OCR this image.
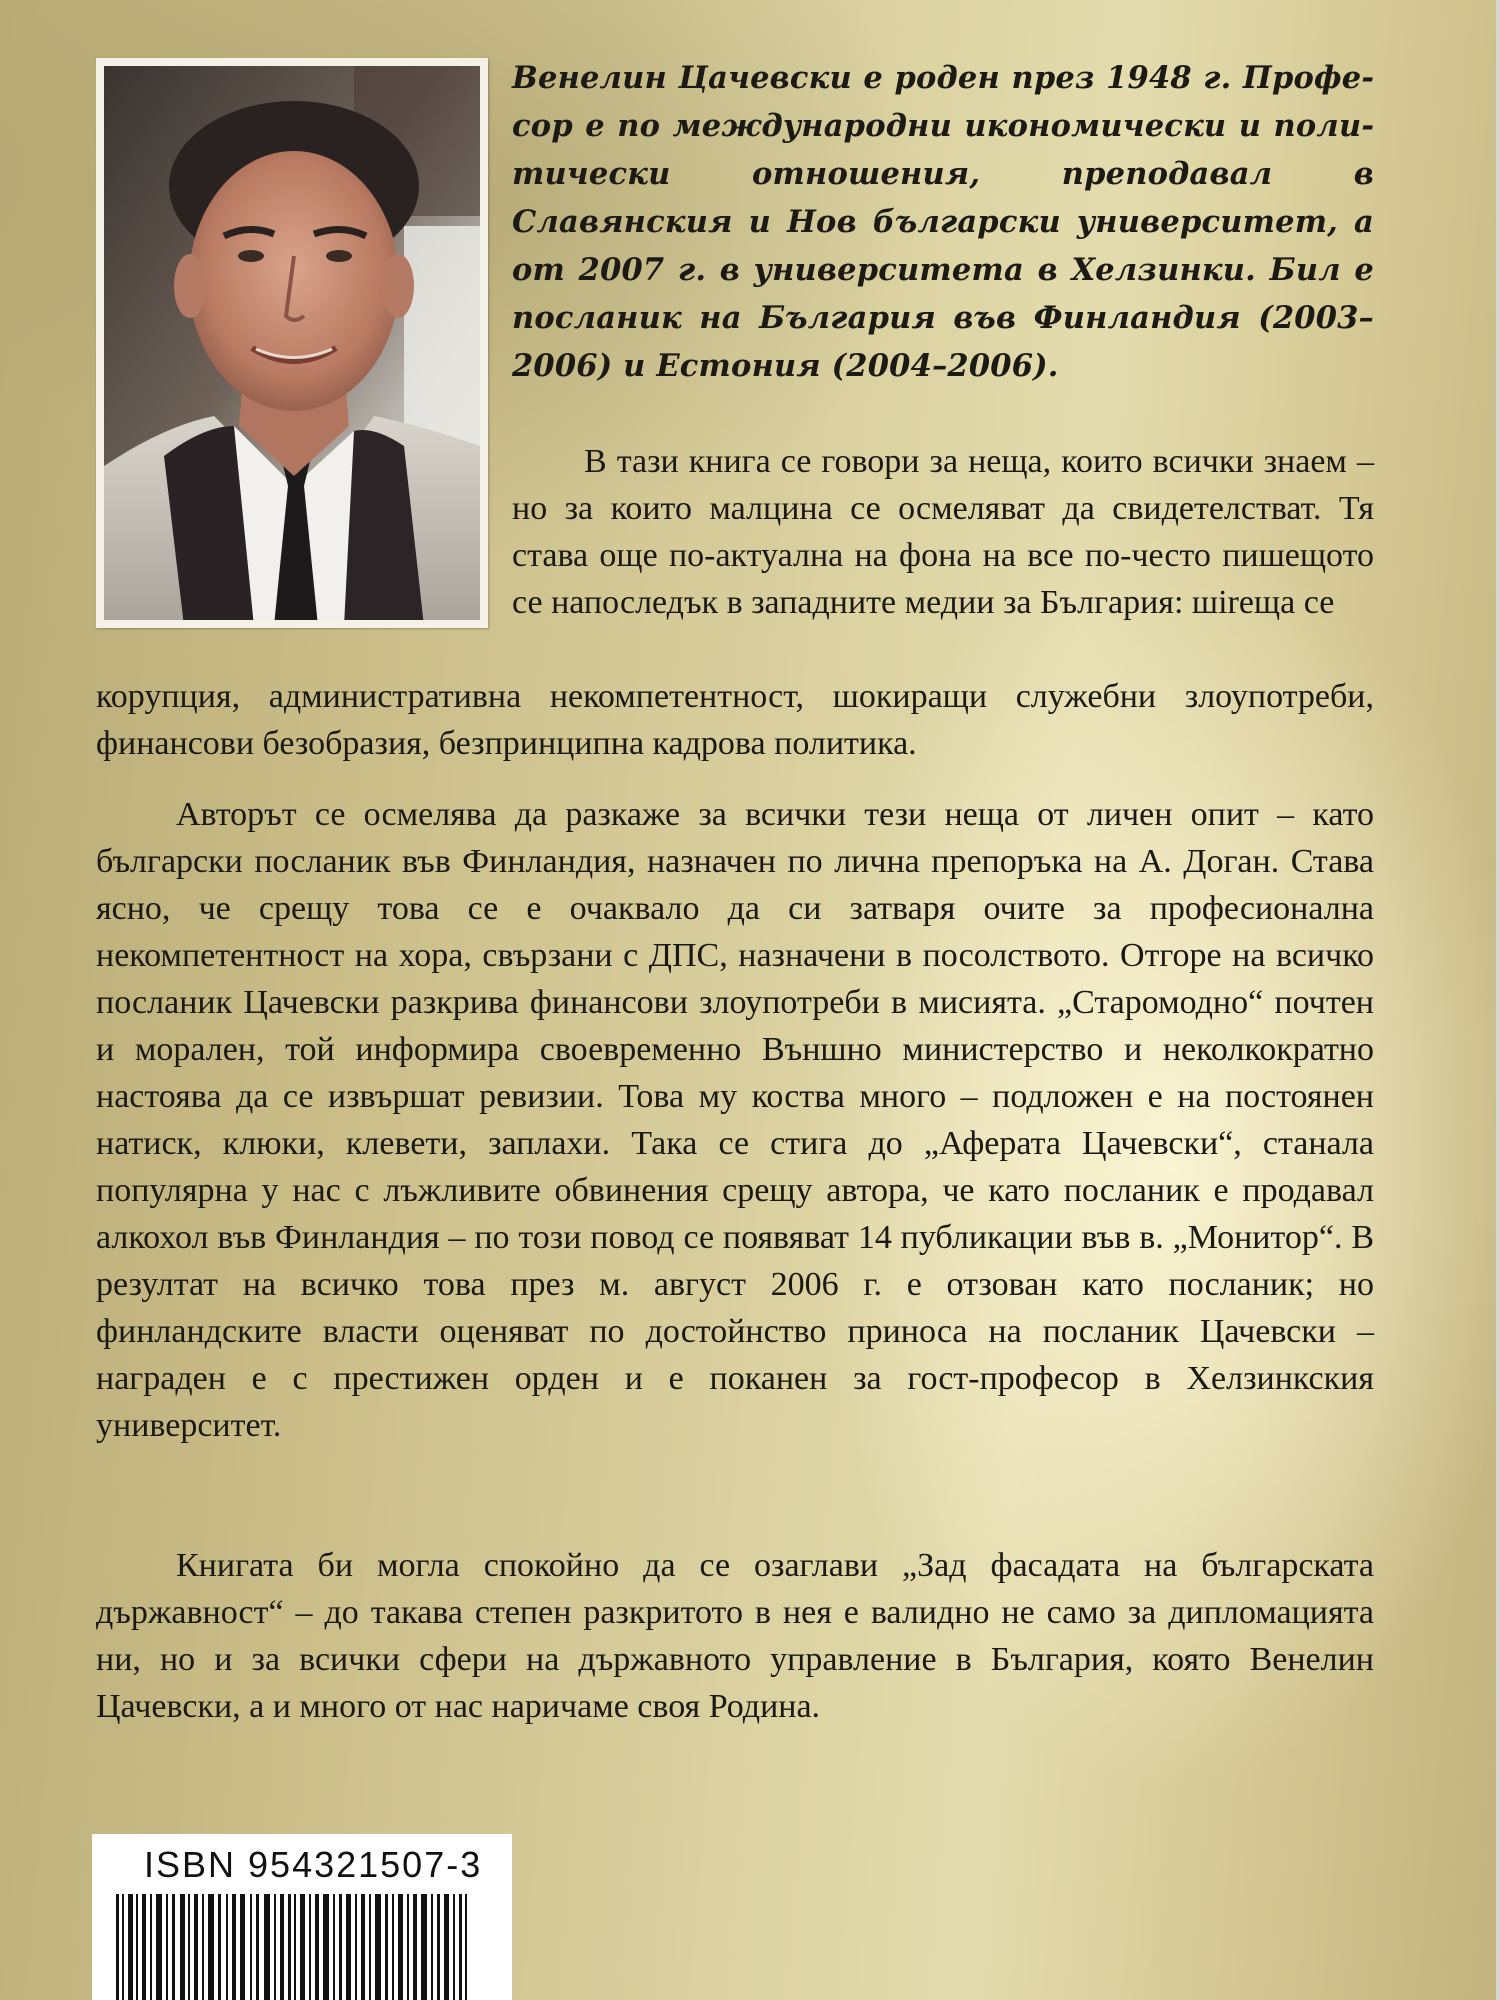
Венелин Цачевски е роден през 1948 г. Професор е по международни икономически и политически отношения, преподавал в Славянския и Нов български университет, а от 2007 г. в университета в Хелзинки. Бил е посланик на България във Финландия (2003–2006) и Естония (2004–2006).
В тази книга се говори за неща, които всички знаем – но за които малцина се осмеляват да свидетелстват. Тя става още по-актуална на фона на все по-често пишещото се напоследък в западните медии за България: шireща се
корупция, административна некомпетентност, шокиращи служебни злоупотреби, финансови безобразия, безпринципна кадрова политика.
Авторът се осмелява да разкаже за всички тези неща от личен опит – като български посланик във Финландия, назначен по лична препоръка на А. Доган. Става ясно, че срещу това се е очаквало да си затваря очите за професионална некомпетентност на хора, свързани с ДПС, назначени в посолството. Отгоре на всичко посланик Цачевски разкрива финансови злоупотреби в мисията. „Старомодно“ почтен и морален, той информира своевременно Външно министерство и неколкократно настоява да се извършат ревизии. Това му коства много – подложен е на постоянен натиск, клюки, клевети, заплахи. Така се стига до „Аферата Цачевски“, станала популярна у нас с лъжливите обвинения срещу автора, че като посланик е продавал алкохол във Финландия – по този повод се появяват 14 публикации във в. „Монитор“. В резултат на всичко това през м. август 2006 г. е отзован като посланик; но финландските власти оценяват по достойнство приноса на посланик Цачевски – награден е с престижен орден и е поканен за гост-професор в Хелзинкския университет.
Книгата би могла спокойно да се озаглави „Зад фасадата на българската държавност“ – до такава степен разкритото в нея е валидно не само за дипломацията ни, но и за всички сфери на държавното управление в България, която Венелин Цачевски, а и много от нас наричаме своя Родина.
ISBN 954321507-3
